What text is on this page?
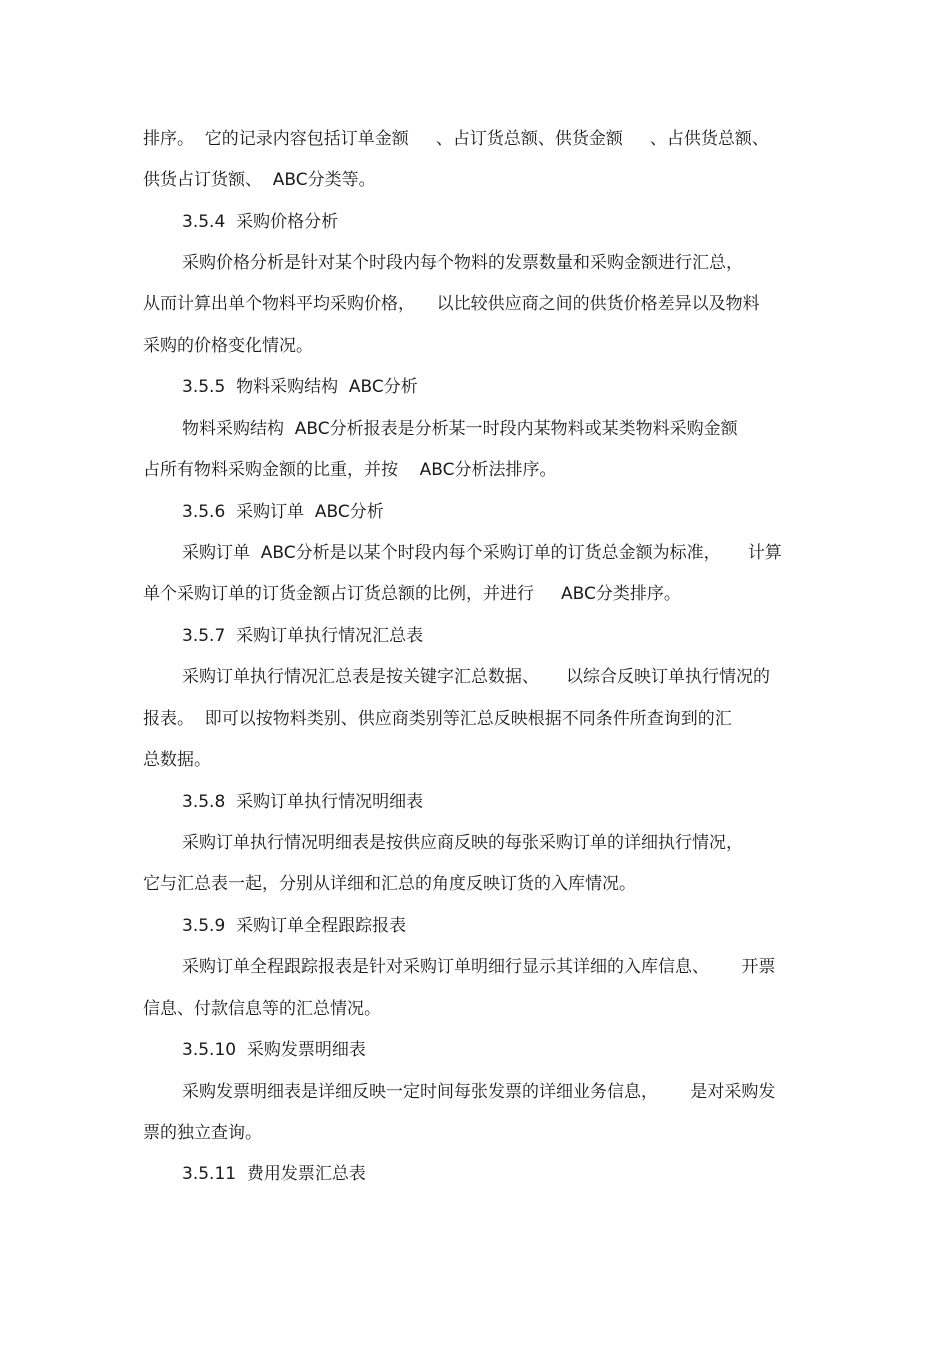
排序。  它的记录内容包括订单金额     、占订货总额、供货金额     、占供货总额、
供货占订货额、  ABC分类等。
3.5.4  采购价格分析
采购价格分析是针对某个时段内每个物料的发票数量和采购金额进行汇总，
从而计算出单个物料平均采购价格，    以比较供应商之间的供货价格差异以及物料
采购的价格变化情况。
3.5.5  物料采购结构  ABC分析
物料采购结构  ABC分析报表是分析某一时段内某物料或某类物料采购金额
占所有物料采购金额的比重，并按    ABC分析法排序。
3.5.6  采购订单  ABC分析
采购订单  ABC分析是以某个时段内每个采购订单的订货总金额为标准，     计算
单个采购订单的订货金额占订货总额的比例，并进行     ABC分类排序。
3.5.7  采购订单执行情况汇总表
采购订单执行情况汇总表是按关键字汇总数据、     以综合反映订单执行情况的
报表。  即可以按物料类别、供应商类别等汇总反映根据不同条件所查询到的汇
总数据。
3.5.8  采购订单执行情况明细表
采购订单执行情况明细表是按供应商反映的每张采购订单的详细执行情况，
它与汇总表一起，分别从详细和汇总的角度反映订货的入库情况。
3.5.9  采购订单全程跟踪报表
采购订单全程跟踪报表是针对采购订单明细行显示其详细的入库信息、      开票
信息、付款信息等的汇总情况。
3.5.10  采购发票明细表
采购发票明细表是详细反映一定时间每张发票的详细业务信息，      是对采购发
票的独立查询。
3.5.11  费用发票汇总表
